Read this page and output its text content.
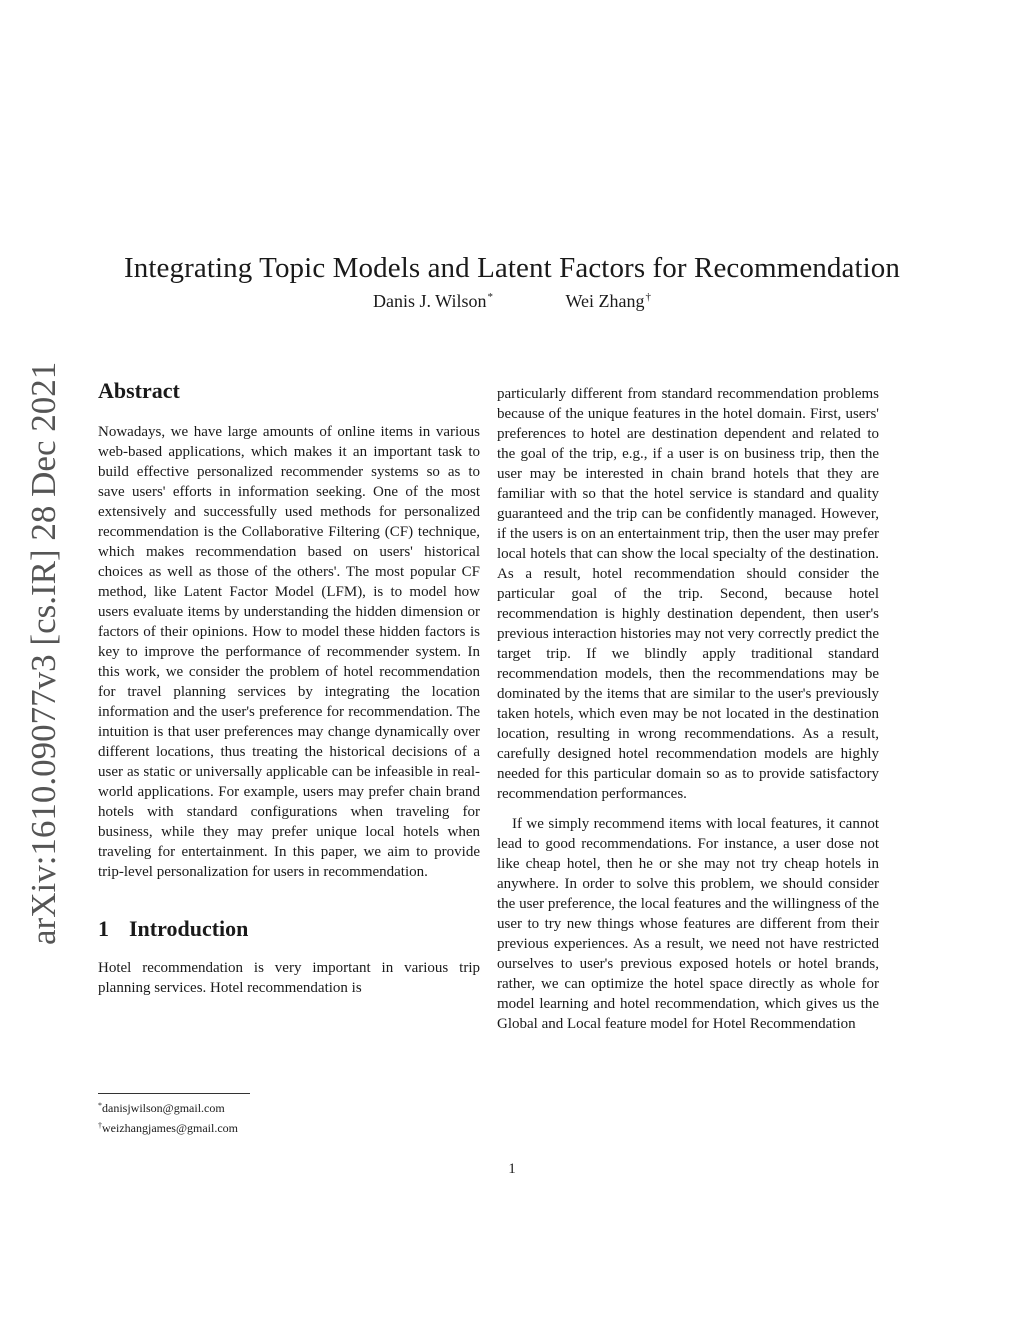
arXiv:1610.09077v3 [cs.IR] 28 Dec 2021
Integrating Topic Models and Latent Factors for Recommendation
Danis J. Wilson*	Wei Zhang†
Abstract

Nowadays, we have large amounts of online items in various web-based applications, which makes it an important task to build effective personalized recommender systems so as to save users' efforts in information seeking. One of the most extensively and successfully used methods for personalized recommendation is the Collaborative Filtering (CF) technique, which makes recommendation based on users' historical choices as well as those of the others'. The most popular CF method, like Latent Factor Model (LFM), is to model how users evaluate items by understanding the hidden dimension or factors of their opinions. How to model these hidden factors is key to improve the performance of recommender system. In this work, we consider the problem of hotel recommendation for travel planning services by integrating the location information and the user's preference for recommendation. The intuition is that user preferences may change dynamically over different locations, thus treating the historical decisions of a user as static or universally applicable can be infeasible in real-world applications. For example, users may prefer chain brand hotels with standard configurations when traveling for business, while they may prefer unique local hotels when traveling for entertainment. In this paper, we aim to provide trip-level personalization for users in recommendation.

1 Introduction

Hotel recommendation is very important in various trip planning services. Hotel recommendation is

particularly different from standard recommendation problems because of the unique features in the hotel domain. First, users' preferences to hotel are destination dependent and related to the goal of the trip, e.g., if a user is on business trip, then the user may be interested in chain brand hotels that they are familiar with so that the hotel service is standard and quality guaranteed and the trip can be confidently managed. However, if the users is on an entertainment trip, then the user may prefer local hotels that can show the local specialty of the destination. As a result, hotel recommendation should consider the particular goal of the trip. Second, because hotel recommendation is highly destination dependent, then user's previous interaction histories may not very correctly predict the target trip. If we blindly apply traditional standard recommendation models, then the recommendations may be dominated by the items that are similar to the user's previously taken hotels, which even may be not located in the destination location, resulting in wrong recommendations. As a result, carefully designed hotel recommendation models are highly needed for this particular domain so as to provide satisfactory recommendation performances.

If we simply recommend items with local features, it cannot lead to good recommendations. For instance, a user dose not like cheap hotel, then he or she may not try cheap hotels in anywhere. In order to solve this problem, we should consider the user preference, the local features and the willingness of the user to try new things whose features are different from their previous experiences. As a result, we need not have restricted ourselves to user's previous exposed hotels or hotel brands, rather, we can optimize the hotel space directly as whole for model learning and hotel recommendation, which gives us the Global and Local feature model for Hotel Recommendation

*danisjwilson@gmail.com
†weizhangjames@gmail.com
1
